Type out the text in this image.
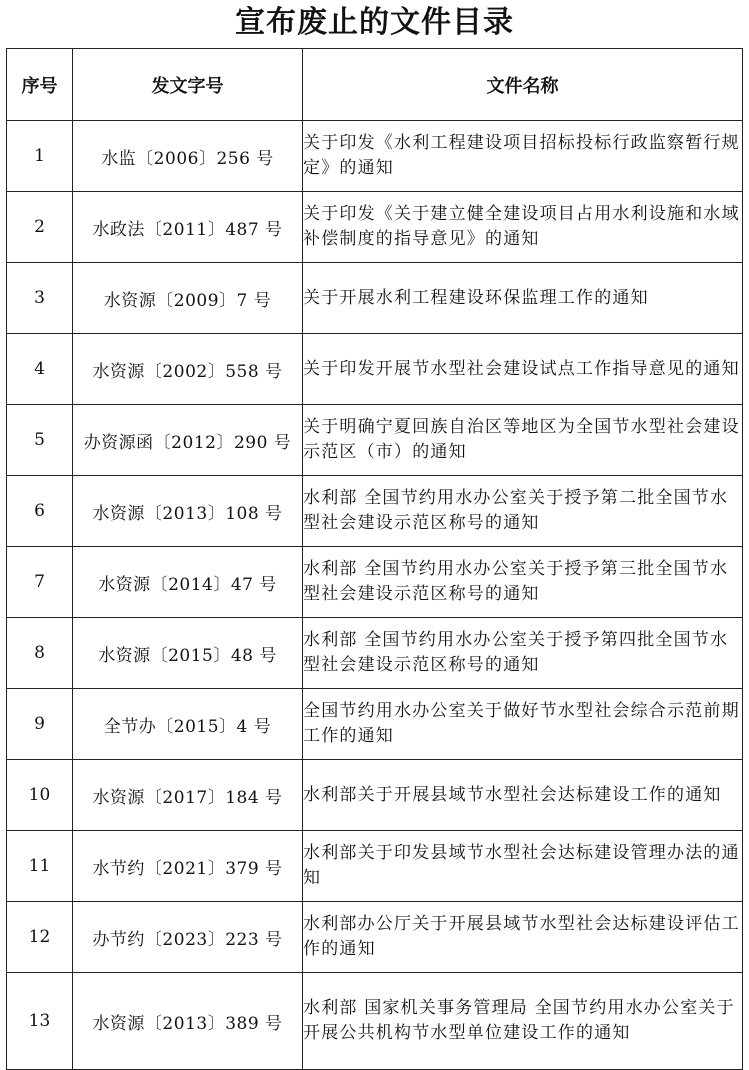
宣布废止的文件目录
序号	发文字号	文件名称
1	水监〔2006〕256 号	关于印发《水利工程建设项目招标投标行政监察暂行规定》的通知
2	水政法〔2011〕487 号	关于印发《关于建立健全建设项目占用水利设施和水域补偿制度的指导意见》的通知
3	水资源〔2009〕7 号	关于开展水利工程建设环保监理工作的通知
4	水资源〔2002〕558 号	关于印发开展节水型社会建设试点工作指导意见的通知
5	办资源函〔2012〕290 号	关于明确宁夏回族自治区等地区为全国节水型社会建设示范区（市）的通知
6	水资源〔2013〕108 号	水利部 全国节约用水办公室关于授予第二批全国节水型社会建设示范区称号的通知
7	水资源〔2014〕47 号	水利部 全国节约用水办公室关于授予第三批全国节水型社会建设示范区称号的通知
8	水资源〔2015〕48 号	水利部 全国节约用水办公室关于授予第四批全国节水型社会建设示范区称号的通知
9	全节办〔2015〕4 号	全国节约用水办公室关于做好节水型社会综合示范前期工作的通知
10	水资源〔2017〕184 号	水利部关于开展县域节水型社会达标建设工作的通知
11	水节约〔2021〕379 号	水利部关于印发县域节水型社会达标建设管理办法的通知
12	办节约〔2023〕223 号	水利部办公厅关于开展县域节水型社会达标建设评估工作的通知
13	水资源〔2013〕389 号	水利部 国家机关事务管理局 全国节约用水办公室关于开展公共机构节水型单位建设工作的通知
